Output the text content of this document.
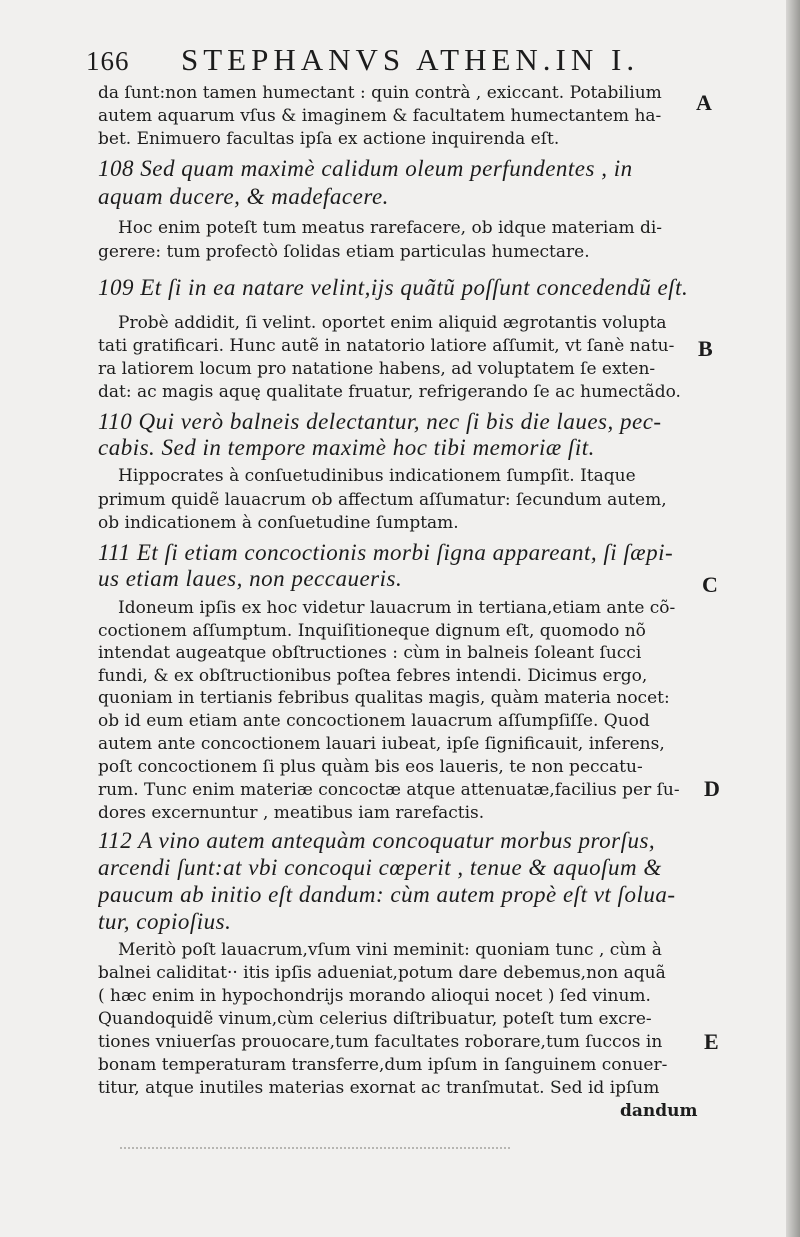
166 STEPHANVS ATHEN.IN I.
da ſunt:non tamen humectant : quin contrà , exiccant. Potabilium
autem aquarum vſus & imaginem & facultatem humectantem ha-
bet. Enimuero facultas ipſa ex actione inquirenda eſt.
108 Sed quam maximè calidum oleum perfundentes , in
aquam ducere, & madefacere.
Hoc enim poteſt tum meatus rarefacere, ob idque materiam di-
gerere: tum profectò ſolidas etiam particulas humectare.
109 Et ſi in ea natare velint,ijs quãtũ poſſunt concedendũ eſt.
Probè addidit, ſi velint. oportet enim aliquid ægrotantis volupta
tati gratificari. Hunc autẽ in natatorio latiore aſſumit, vt ſanè natu-
ra latiorem locum pro natatione habens, ad voluptatem ſe exten-
dat: ac magis aquę qualitate fruatur, refrigerando ſe ac humectãdo.
110 Qui verò balneis delectantur, nec ſi bis die laues, pec-
cabis. Sed in tempore maximè hoc tibi memoriæ ſit.
Hippocrates à conſuetudinibus indicationem ſumpſit. Itaque
primum quidẽ lauacrum ob affectum aſſumatur: ſecundum autem,
ob indicationem à conſuetudine ſumptam.
111 Et ſi etiam concoctionis morbi ſigna appareant, ſi ſæpi-
us etiam laues, non peccaueris.
Idoneum ipſis ex hoc videtur lauacrum in tertiana,etiam ante cõ-
coctionem aſſumptum. Inquiſitioneque dignum eſt, quomodo nõ
intendat augeatque obſtructiones : cùm in balneis ſoleant ſucci
fundi, & ex obſtructionibus poſtea febres intendi. Dicimus ergo,
quoniam in tertianis febribus qualitas magis, quàm materia nocet:
ob id eum etiam ante concoctionem lauacrum aſſumpſiſſe. Quod
autem ante concoctionem lauari iubeat, ipſe ſignificauit, inferens,
poſt concoctionem ſi plus quàm bis eos laueris, te non peccatu-
rum. Tunc enim materiæ concoctæ atque attenuatæ,facilius per ſu-
dores excernuntur , meatibus iam rarefactis.
112 A vino autem antequàm concoquatur morbus prorſus,
arcendi ſunt:at vbi concoqui cœperit , tenue & aquoſum &
paucum ab initio eſt dandum: cùm autem propè eſt vt ſolua-
tur, copioſius.
Meritò poſt lauacrum,vſum vini meminit: quoniam tunc , cùm à
balnei caliditat·· itis ipſis adueniat,potum dare debemus,non aquã
( hæc enim in hypochondrijs morando alioqui nocet ) ſed vinum.
Quandoquidẽ vinum,cùm celerius diſtribuatur, poteſt tum excre-
tiones vniuerſas prouocare,tum facultates roborare,tum ſuccos in
bonam temperaturam transferre,dum ipſum in ſanguinem conuer-
titur, atque inutiles materias exornat ac tranſmutat. Sed id ipſum
dandum
A
B
C
D
E
